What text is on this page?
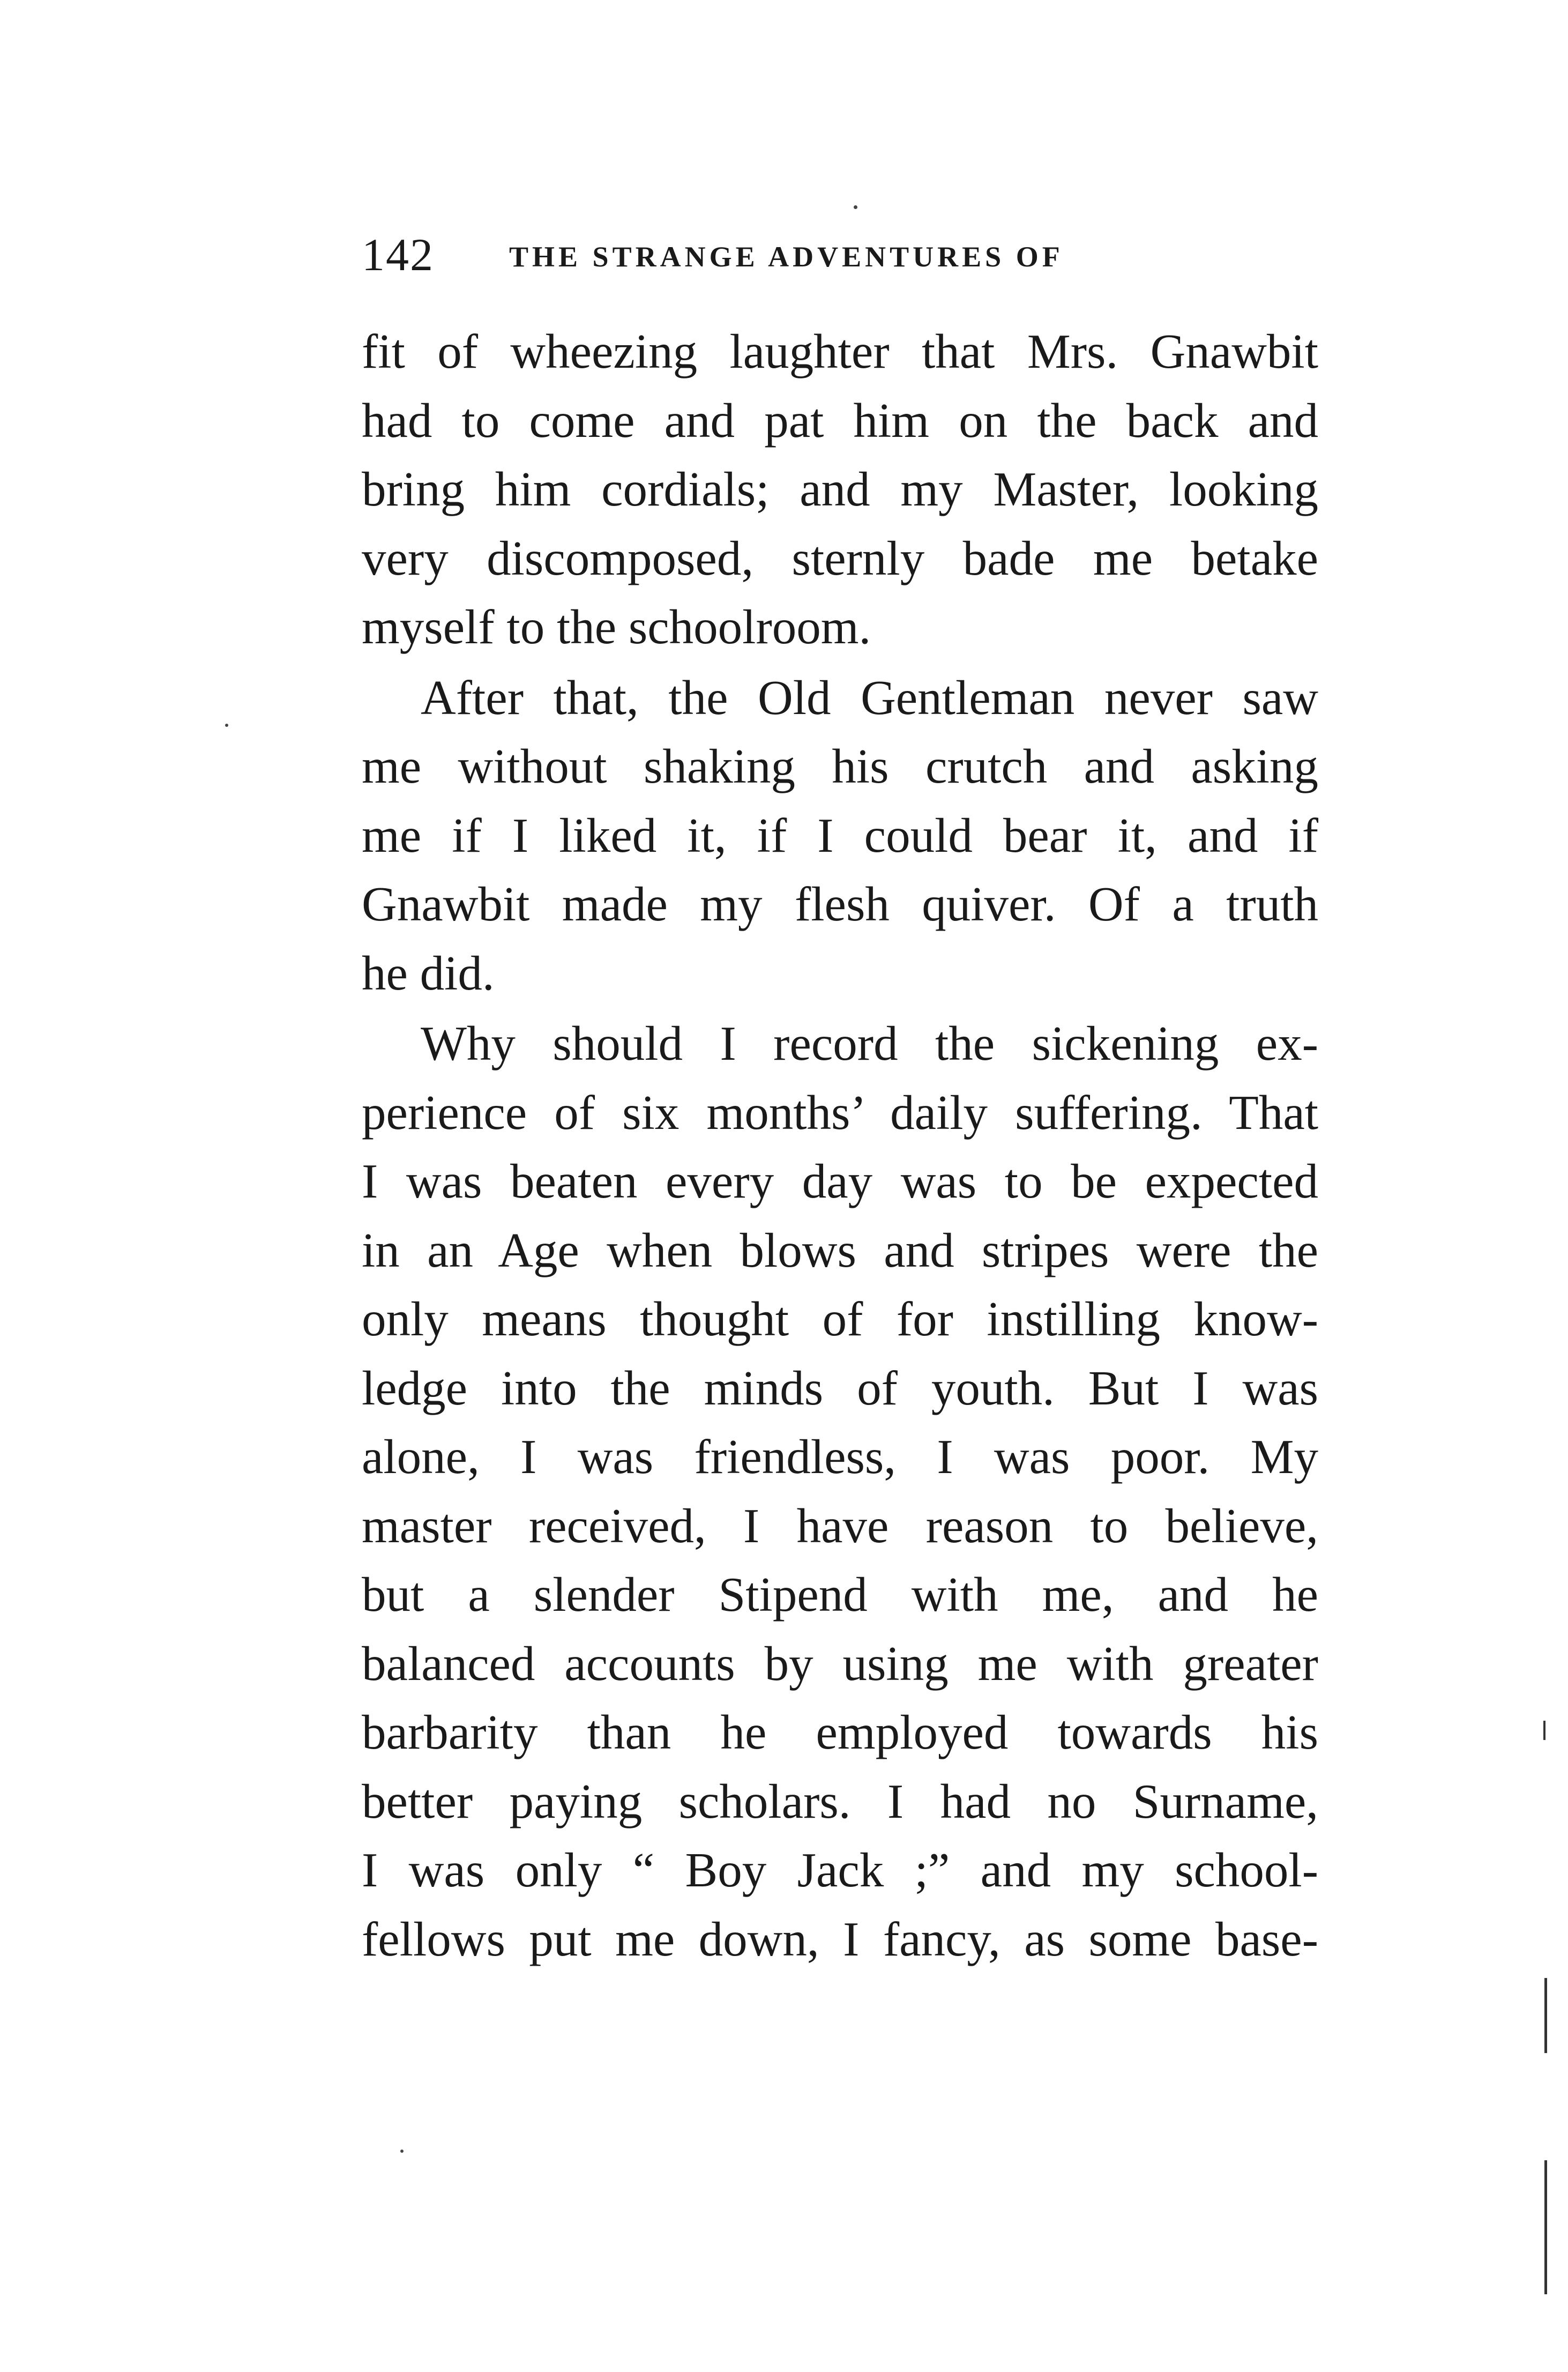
142	THE STRANGE ADVENTURES OF
fit of wheezing laughter that Mrs. Gnawbit
had to come and pat him on the back and
bring him cordials; and my Master, looking
very discomposed, sternly bade me betake
myself to the schoolroom.
After that, the Old Gentleman never saw
me without shaking his crutch and asking
me if I liked it, if I could bear it, and if
Gnawbit made my flesh quiver. Of a truth
he did.
Why should I record the sickening ex-
perience of six months’ daily suffering. That
I was beaten every day was to be expected
in an Age when blows and stripes were the
only means thought of for instilling know-
ledge into the minds of youth. But I was
alone, I was friendless, I was poor. My
master received, I have reason to believe,
but a slender Stipend with me, and he
balanced accounts by using me with greater
barbarity than he employed towards his
better paying scholars. I had no Surname,
I was only “ Boy Jack ;” and my school-
fellows put me down, I fancy, as some base-
